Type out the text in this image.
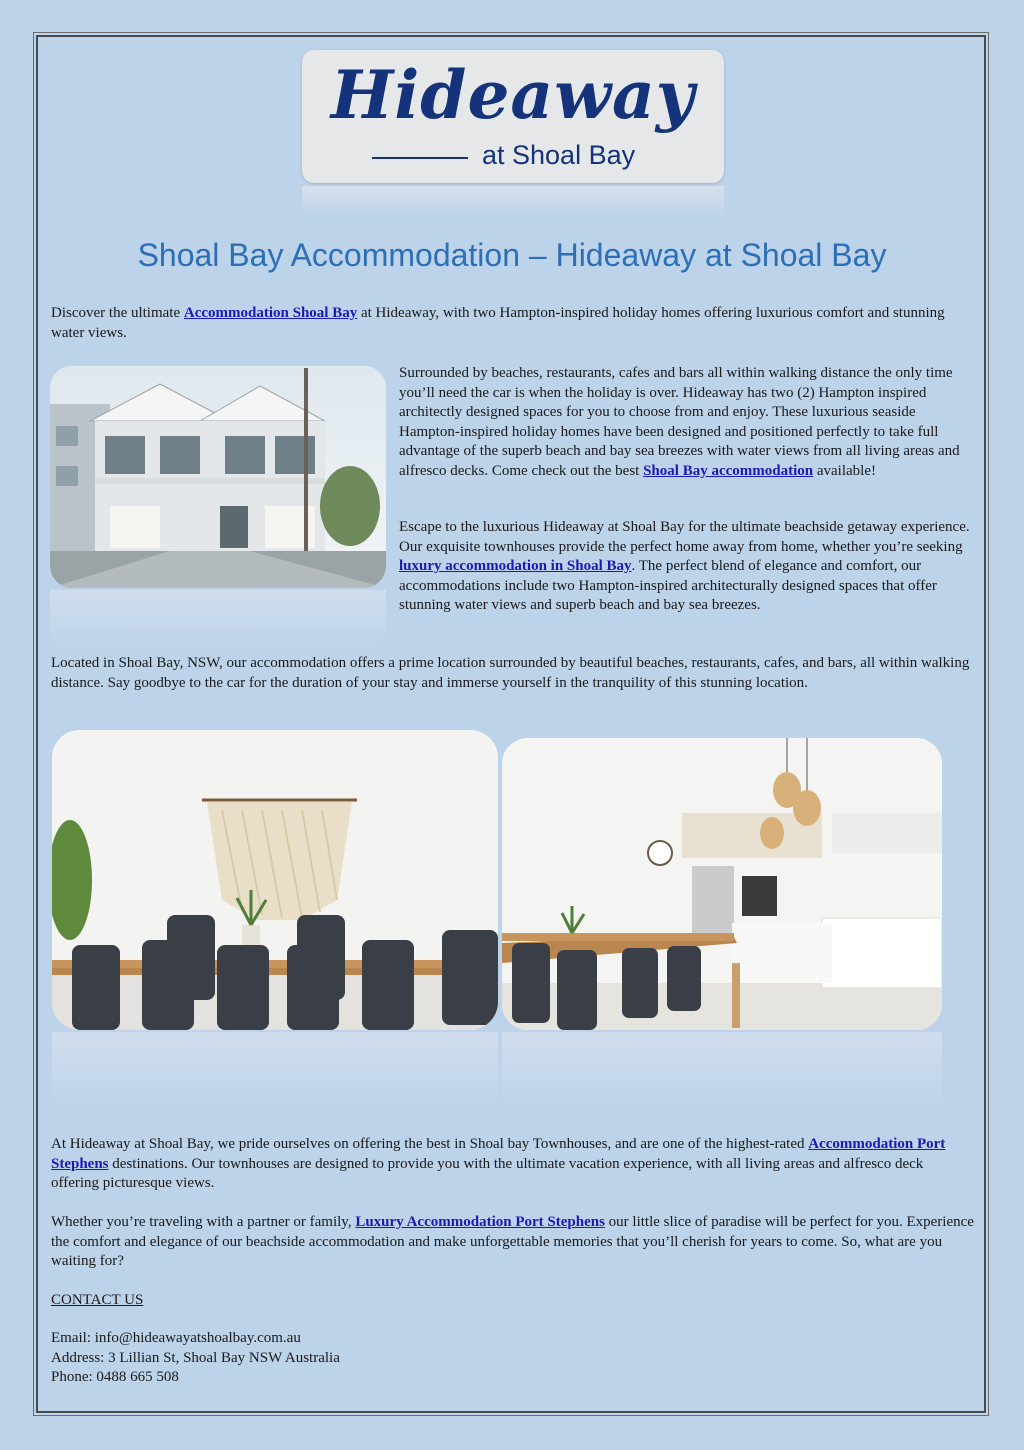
Hideaway
at Shoal Bay
Shoal Bay Accommodation – Hideaway at Shoal Bay

Discover the ultimate Accommodation Shoal Bay at Hideaway, with two Hampton-inspired holiday homes offering luxurious comfort and stunning water views.

Surrounded by beaches, restaurants, cafes and bars all within walking distance the only time you’ll need the car is when the holiday is over. Hideaway has two (2) Hampton inspired architectly designed spaces for you to choose from and enjoy. These luxurious seaside Hampton-inspired holiday homes have been designed and positioned perfectly to take full advantage of the superb beach and bay sea breezes with water views from all living areas and alfresco decks. Come check out the best Shoal Bay accommodation available!

Escape to the luxurious Hideaway at Shoal Bay for the ultimate beachside getaway experience. Our exquisite townhouses provide the perfect home away from home, whether you’re seeking luxury accommodation in Shoal Bay. The perfect blend of elegance and comfort, our accommodations include two Hampton-inspired architecturally designed spaces that offer stunning water views and superb beach and bay sea breezes.

Located in Shoal Bay, NSW, our accommodation offers a prime location surrounded by beautiful beaches, restaurants, cafes, and bars, all within walking distance. Say goodbye to the car for the duration of your stay and immerse yourself in the tranquility of this stunning location.

At Hideaway at Shoal Bay, we pride ourselves on offering the best in Shoal bay Townhouses, and are one of the highest-rated Accommodation Port Stephens destinations. Our townhouses are designed to provide you with the ultimate vacation experience, with all living areas and alfresco deck offering picturesque views.

Whether you’re traveling with a partner or family, Luxury Accommodation Port Stephens our little slice of paradise will be perfect for you. Experience the comfort and elegance of our beachside accommodation and make unforgettable memories that you’ll cherish for years to come. So, what are you waiting for?

CONTACT US

Email: info@hideawayatshoalbay.com.au

Address: 3 Lillian St, Shoal Bay NSW Australia

Phone: 0488 665 508
